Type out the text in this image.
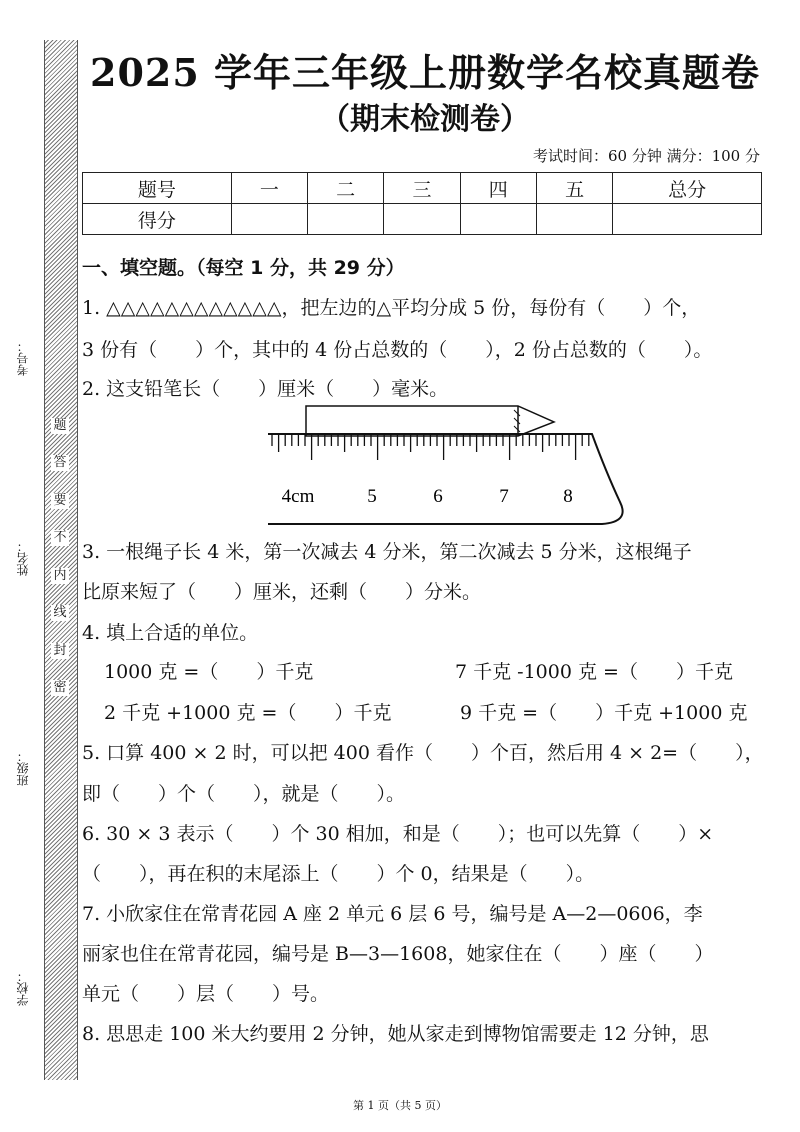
考号：
姓名：
班级：
学校：
题
答
要
不
内
线
封
密
2025 学年三年级上册数学名校真题卷
（期末检测卷）
考试时间：60 分钟 满分：100 分
题号	一	二	三	四	五	总分
得分						
一、填空题。（每空 1 分，共 29 分）
1. △△△△△△△△△△△△，把左边的△平均分成 5 份，每份有（　　）个，
3 份有（　　）个，其中的 4 份占总数的（　　），2 份占总数的（　　）。
2. 这支铅笔长（　　）厘米（　　）毫米。
4cm	5	6	7	8
3. 一根绳子长 4 米，第一次减去 4 分米，第二次减去 5 分米，这根绳子
比原来短了（　　）厘米，还剩（　　）分米。
4. 填上合适的单位。
1000 克 =（　　）千克	7 千克 -1000 克 =（　　）千克
2 千克 +1000 克 =（　　）千克	9 千克 =（　　）千克 +1000 克
5. 口算 400 × 2 时，可以把 400 看作（　　）个百，然后用 4 × 2=（　　），
即（　　）个（　　），就是（　　）。
6. 30 × 3 表示（　　）个 30 相加，和是（　　）；也可以先算（　　）×
（　　），再在积的末尾添上（　　）个 0，结果是（　　）。
7. 小欣家住在常青花园 A 座 2 单元 6 层 6 号，编号是 A—2—0606，李
丽家也住在常青花园，编号是 B—3—1608，她家住在（　　）座（　　）
单元（　　）层（　　）号。
8. 思思走 100 米大约要用 2 分钟，她从家走到博物馆需要走 12 分钟，思
第 1 页（共 5 页）
